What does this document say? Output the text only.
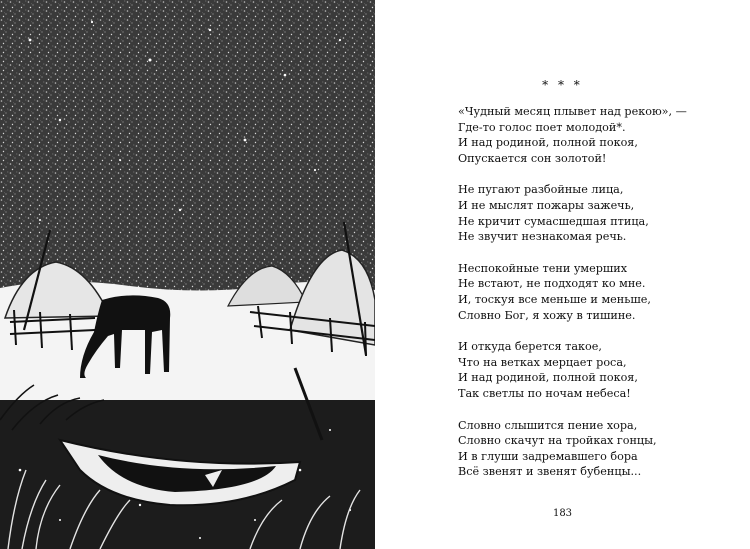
* * *
«Чудный месяц плывет над рекою», —
Где-то голос поет молодой*.
И над родиной, полной покоя,
Опускается сон золотой!
Не пугают разбойные лица,
И не мыслят пожары зажечь,
Не кричит сумасшедшая птица,
Не звучит незнакомая речь.
Неспокойные тени умерших
Не встают, не подходят ко мне.
И, тоскуя все меньше и меньше,
Словно Бог, я хожу в тишине.
И откуда берется такое,
Что на ветках мерцает роса,
И над родиной, полной покоя,
Так светлы по ночам небеса!
Словно слышится пение хора,
Словно скачут на тройках гонцы,
И в глуши задремавшего бора
Всё звенят и звенят бубенцы...
183
